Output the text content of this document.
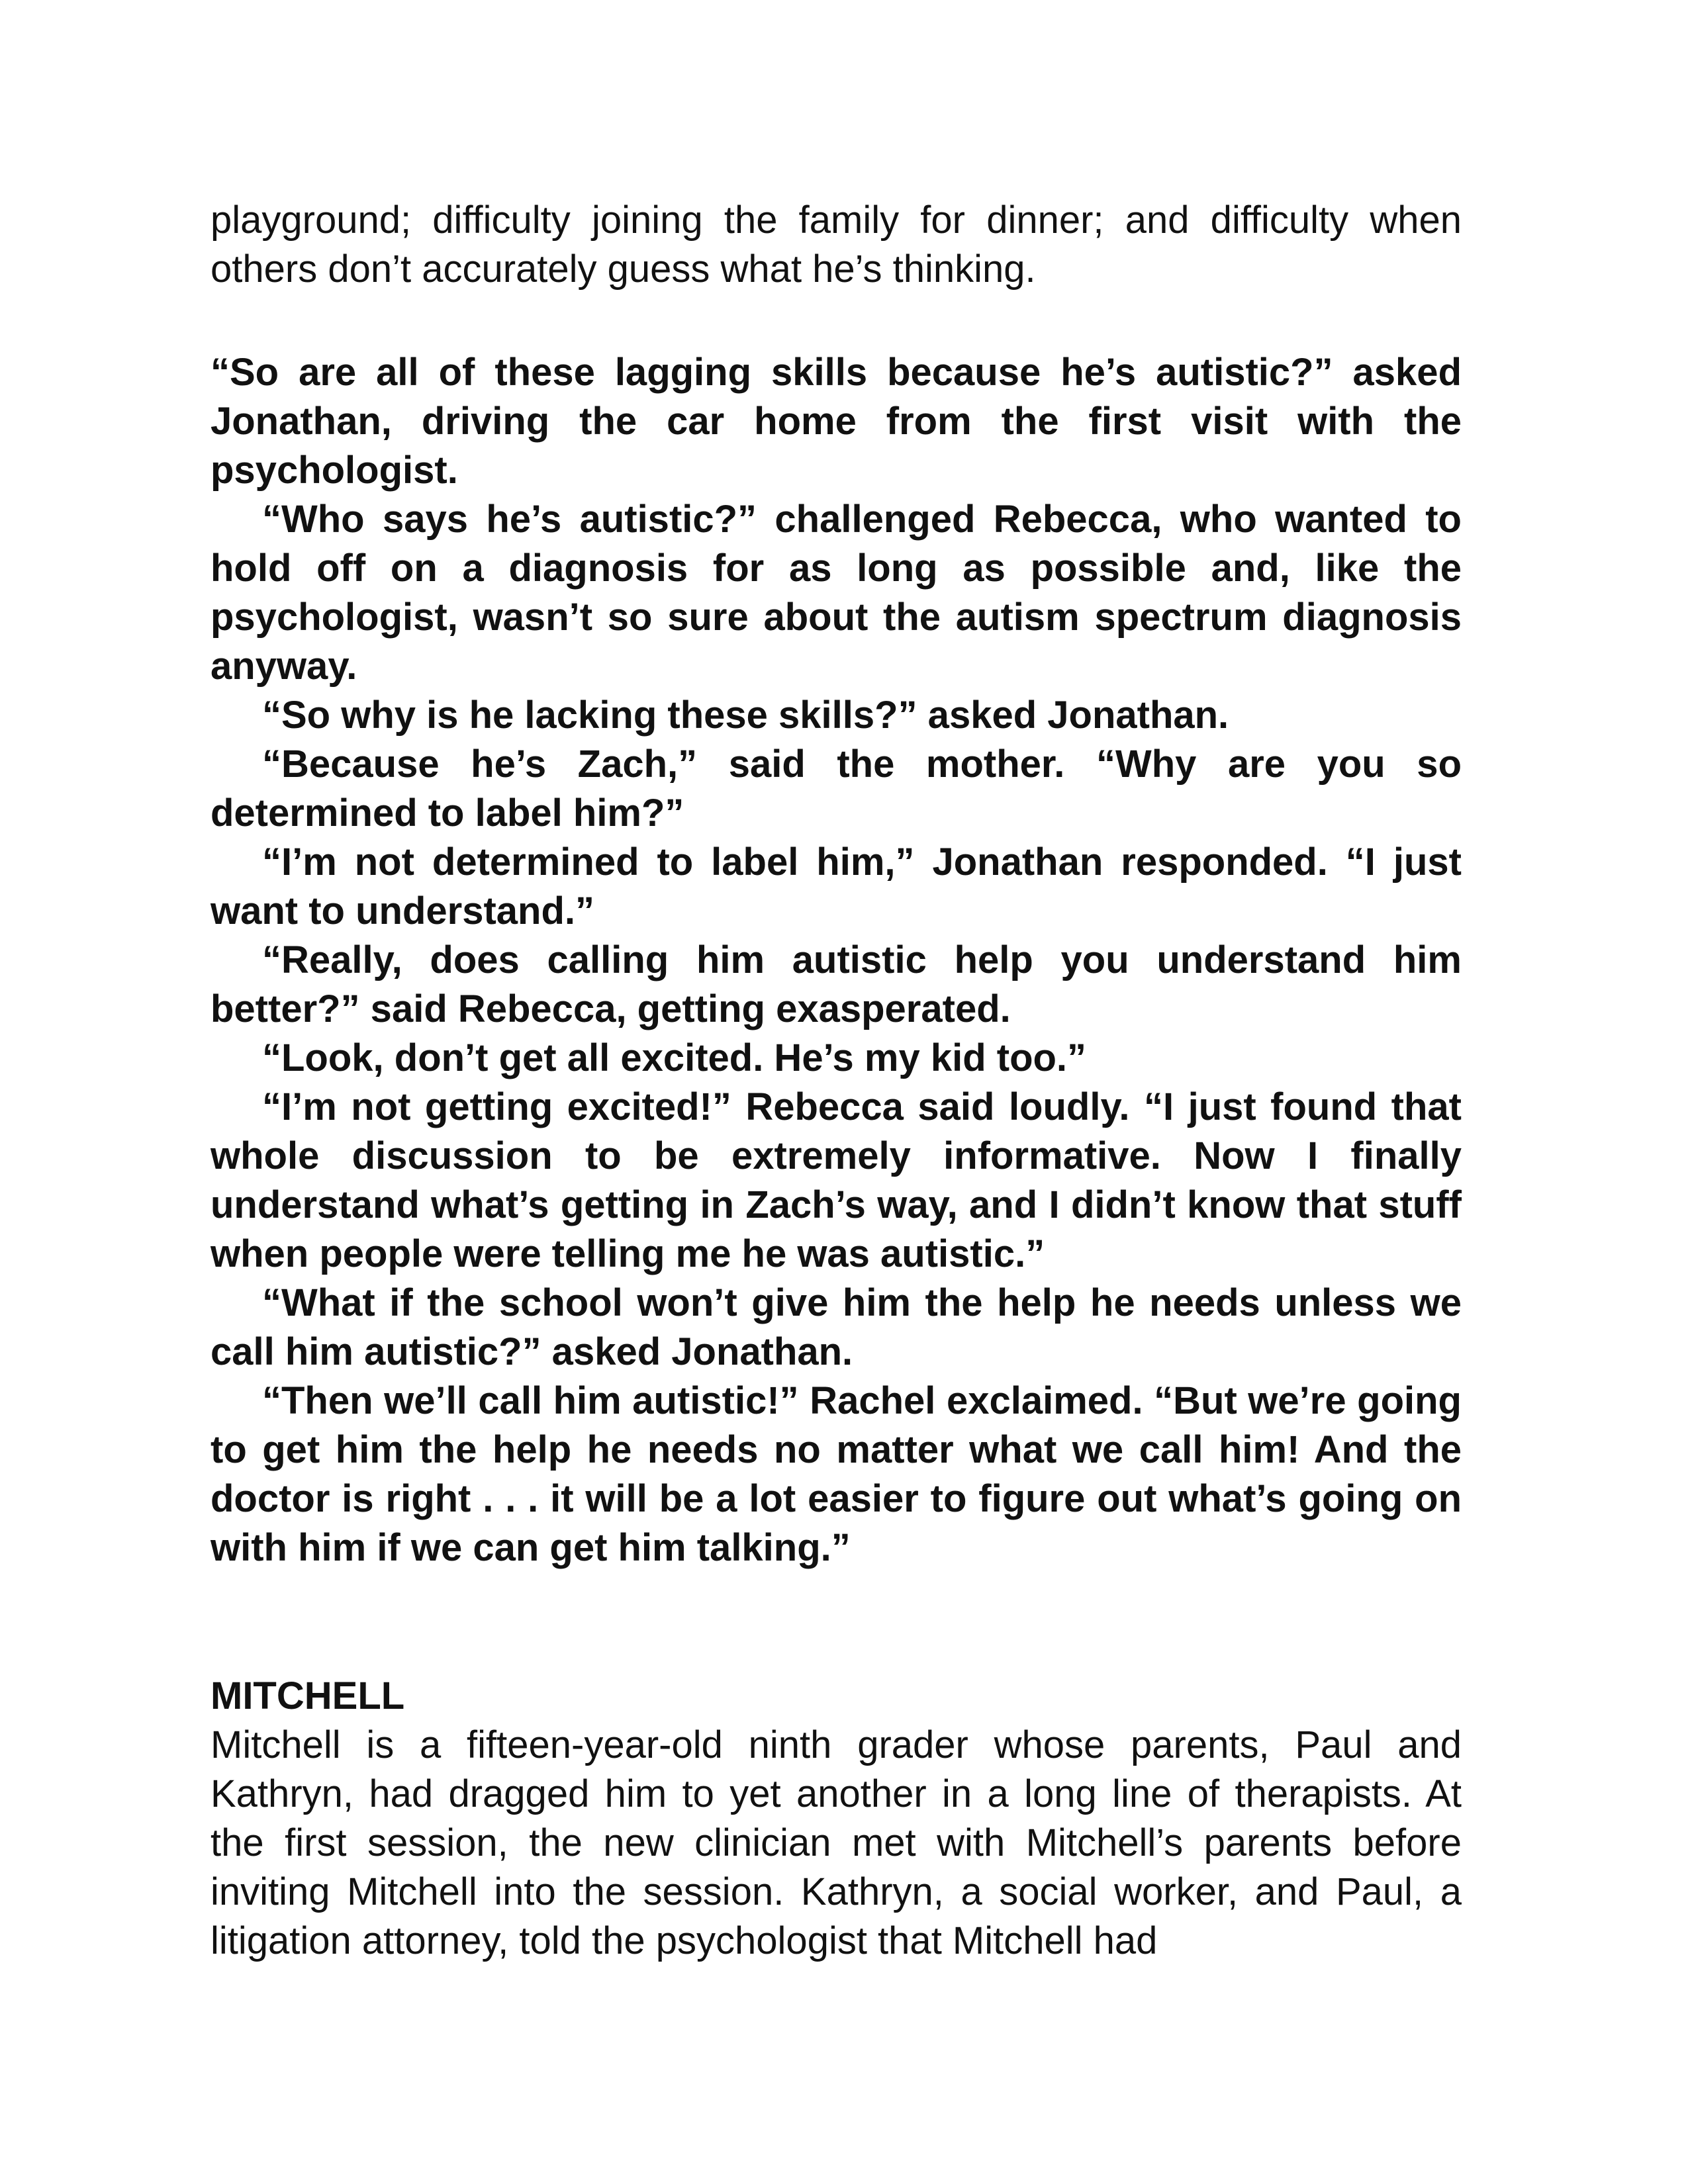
playground; difficulty joining the family for dinner; and difficulty when others don’t accurately guess what he’s thinking.

“So are all of these lagging skills because he’s autistic?” asked Jonathan, driving the car home from the first visit with the psychologist.

“Who says he’s autistic?” challenged Rebecca, who wanted to hold off on a diagnosis for as long as possible and, like the psychologist, wasn’t so sure about the autism spectrum diagnosis anyway.

“So why is he lacking these skills?” asked Jonathan.

“Because he’s Zach,” said the mother. “Why are you so determined to label him?”

“I’m not determined to label him,” Jonathan responded. “I just want to understand.”

“Really, does calling him autistic help you understand him better?” said Rebecca, getting exasperated.

“Look, don’t get all excited. He’s my kid too.”

“I’m not getting excited!” Rebecca said loudly. “I just found that whole discussion to be extremely informative. Now I finally understand what’s getting in Zach’s way, and I didn’t know that stuff when people were telling me he was autistic.”

“What if the school won’t give him the help he needs unless we call him autistic?” asked Jonathan.

“Then we’ll call him autistic!” Rachel exclaimed. “But we’re going to get him the help he needs no matter what we call him! And the doctor is right . . . it will be a lot easier to figure out what’s going on with him if we can get him talking.”

MITCHELL

Mitchell is a fifteen-year-old ninth grader whose parents, Paul and Kathryn, had dragged him to yet another in a long line of therapists. At the first session, the new clinician met with Mitchell’s parents before inviting Mitchell into the session. Kathryn, a social worker, and Paul, a litigation attorney, told the psychologist that Mitchell had
